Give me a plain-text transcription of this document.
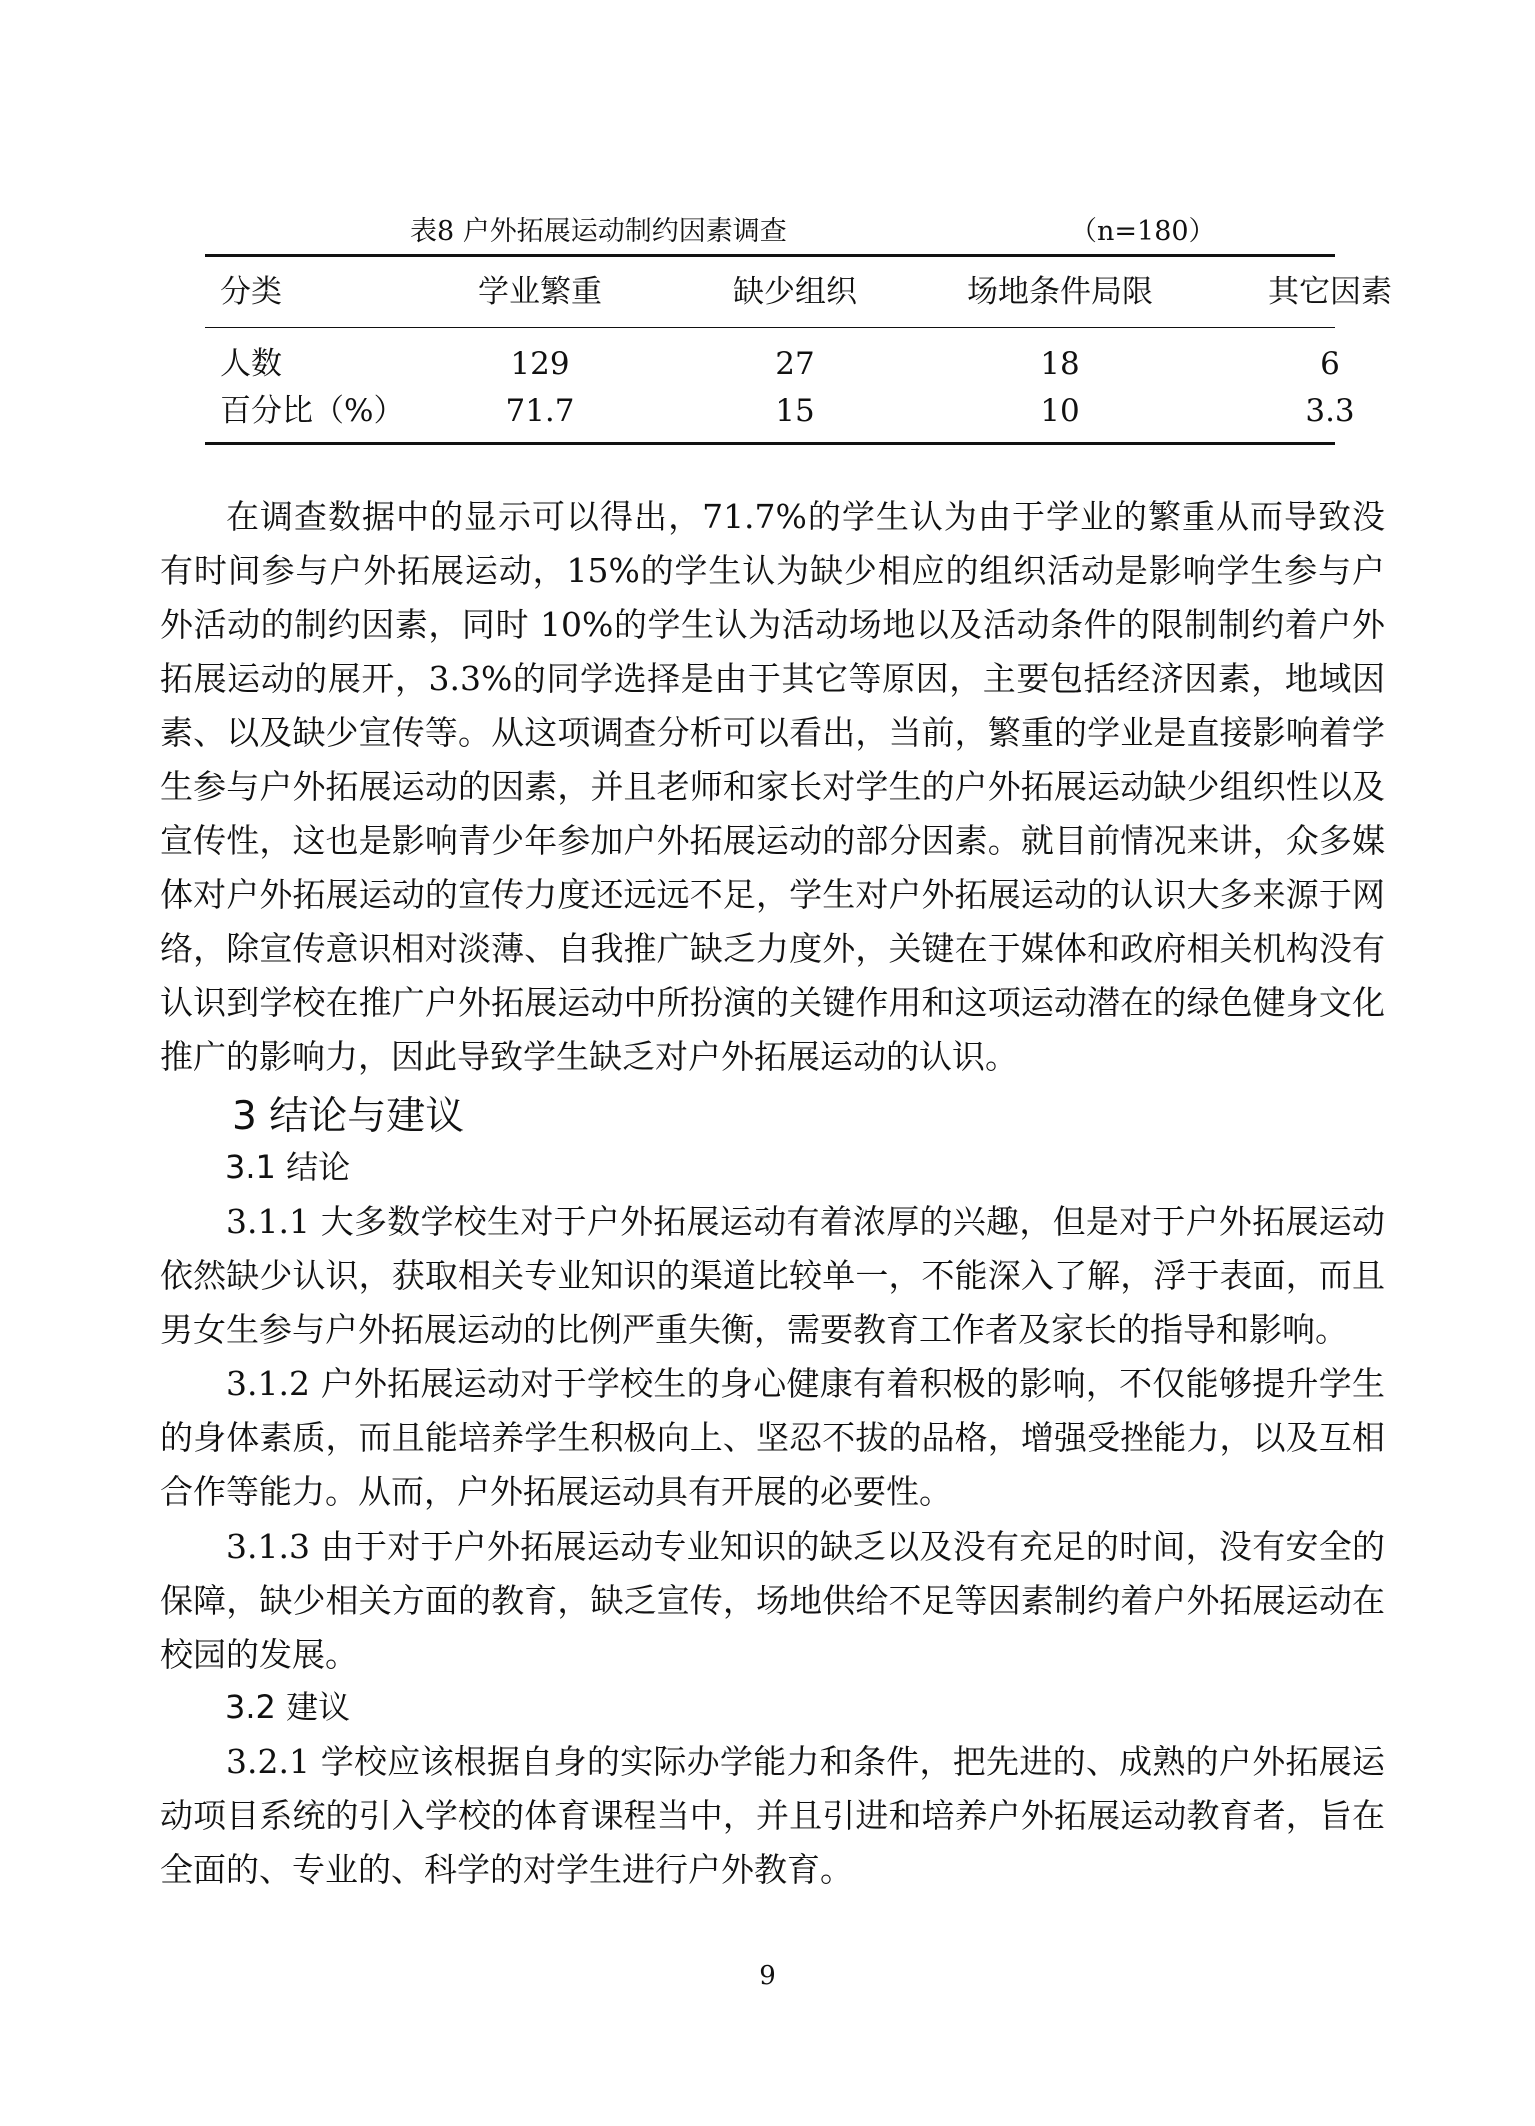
表8 户外拓展运动制约因素调查	（n=180）
分类	学业繁重	缺少组织	场地条件局限	其它因素
人数	129	27	18	6
百分比（%）	71.7	15	10	3.3

在调查数据中的显示可以得出，71.7%的学生认为由于学业的繁重从而导致没有时间参与户外拓展运动，15%的学生认为缺少相应的组织活动是影响学生参与户外活动的制约因素，同时 10%的学生认为活动场地以及活动条件的限制制约着户外拓展运动的展开，3.3%的同学选择是由于其它等原因，主要包括经济因素，地域因素、以及缺少宣传等。从这项调查分析可以看出，当前，繁重的学业是直接影响着学生参与户外拓展运动的因素，并且老师和家长对学生的户外拓展运动缺少组织性以及宣传性，这也是影响青少年参加户外拓展运动的部分因素。就目前情况来讲，众多媒体对户外拓展运动的宣传力度还远远不足，学生对户外拓展运动的认识大多来源于网络，除宣传意识相对淡薄、自我推广缺乏力度外，关键在于媒体和政府相关机构没有认识到学校在推广户外拓展运动中所扮演的关键作用和这项运动潜在的绿色健身文化推广的影响力，因此导致学生缺乏对户外拓展运动的认识。

3 结论与建议
3.1 结论

3.1.1 大多数学校生对于户外拓展运动有着浓厚的兴趣，但是对于户外拓展运动依然缺少认识，获取相关专业知识的渠道比较单一，不能深入了解，浮于表面，而且男女生参与户外拓展运动的比例严重失衡，需要教育工作者及家长的指导和影响。

3.1.2 户外拓展运动对于学校生的身心健康有着积极的影响，不仅能够提升学生的身体素质，而且能培养学生积极向上、坚忍不拔的品格，增强受挫能力，以及互相合作等能力。从而，户外拓展运动具有开展的必要性。

3.1.3 由于对于户外拓展运动专业知识的缺乏以及没有充足的时间，没有安全的保障，缺少相关方面的教育，缺乏宣传，场地供给不足等因素制约着户外拓展运动在校园的发展。

3.2 建议

3.2.1 学校应该根据自身的实际办学能力和条件，把先进的、成熟的户外拓展运动项目系统的引入学校的体育课程当中，并且引进和培养户外拓展运动教育者，旨在全面的、专业的、科学的对学生进行户外教育。

9
